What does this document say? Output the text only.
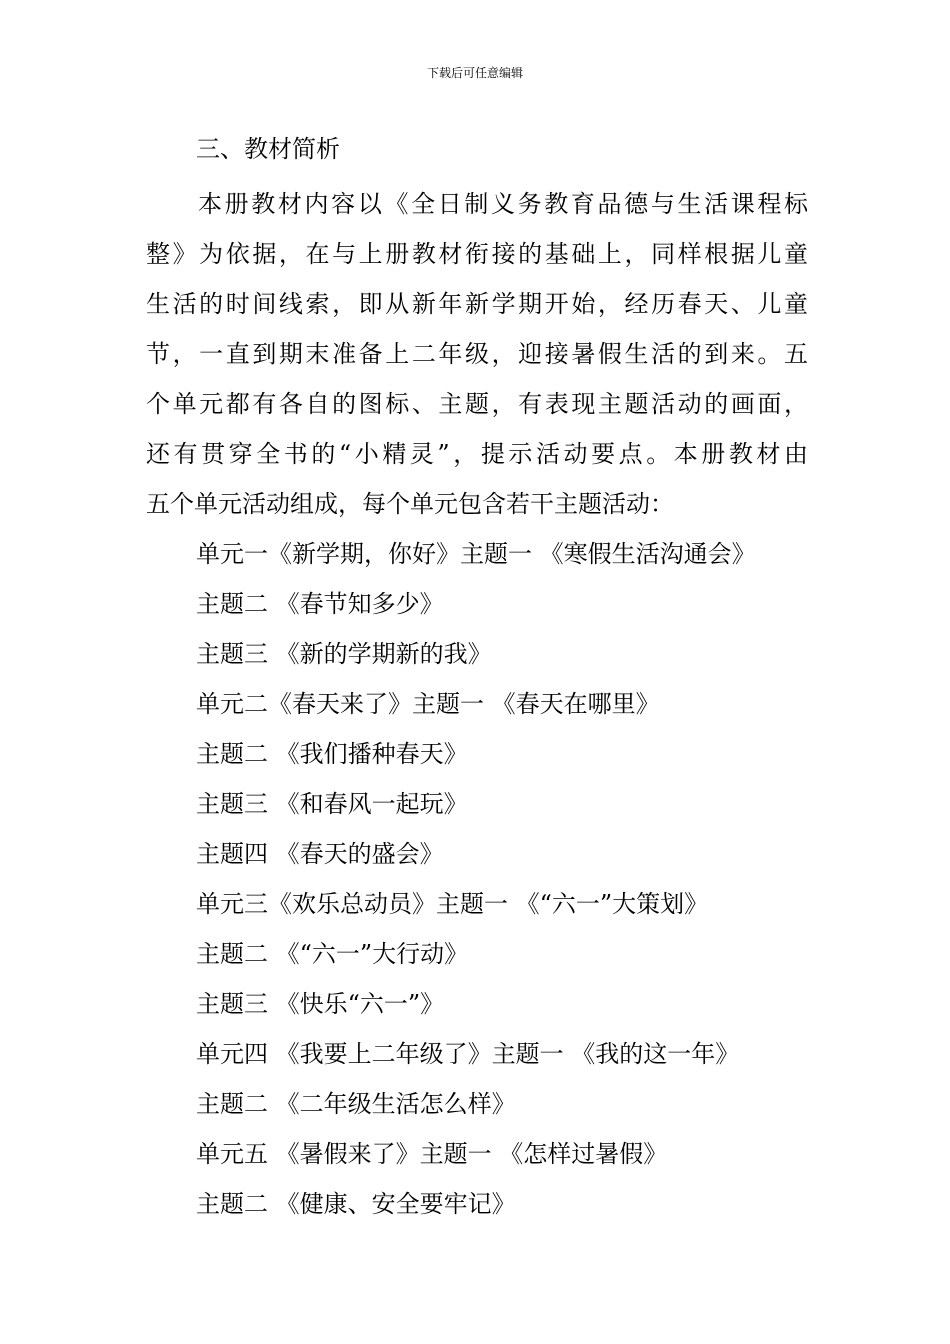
下载后可任意编辑
三、教材简析
本册教材内容以《全日制义务教育品德与生活课程标
整》为依据，在与上册教材衔接的基础上，同样根据儿童
生活的时间线索，即从新年新学期开始，经历春天、儿童
节，一直到期末准备上二年级，迎接暑假生活的到来。五
个单元都有各自的图标、主题，有表现主题活动的画面，
还有贯穿全书的“小精灵”，提示活动要点。本册教材由
五个单元活动组成，每个单元包含若干主题活动：
单元一《新学期，你好》主题一 《寒假生活沟通会》
主题二 《春节知多少》
主题三 《新的学期新的我》
单元二《春天来了》主题一 《春天在哪里》
主题二 《我们播种春天》
主题三 《和春风一起玩》
主题四 《春天的盛会》
单元三《欢乐总动员》主题一 《“六一”大策划》
主题二 《“六一”大行动》
主题三 《快乐“六一”》
单元四 《我要上二年级了》主题一 《我的这一年》
主题二 《二年级生活怎么样》
单元五 《暑假来了》主题一 《怎样过暑假》
主题二 《健康、安全要牢记》
